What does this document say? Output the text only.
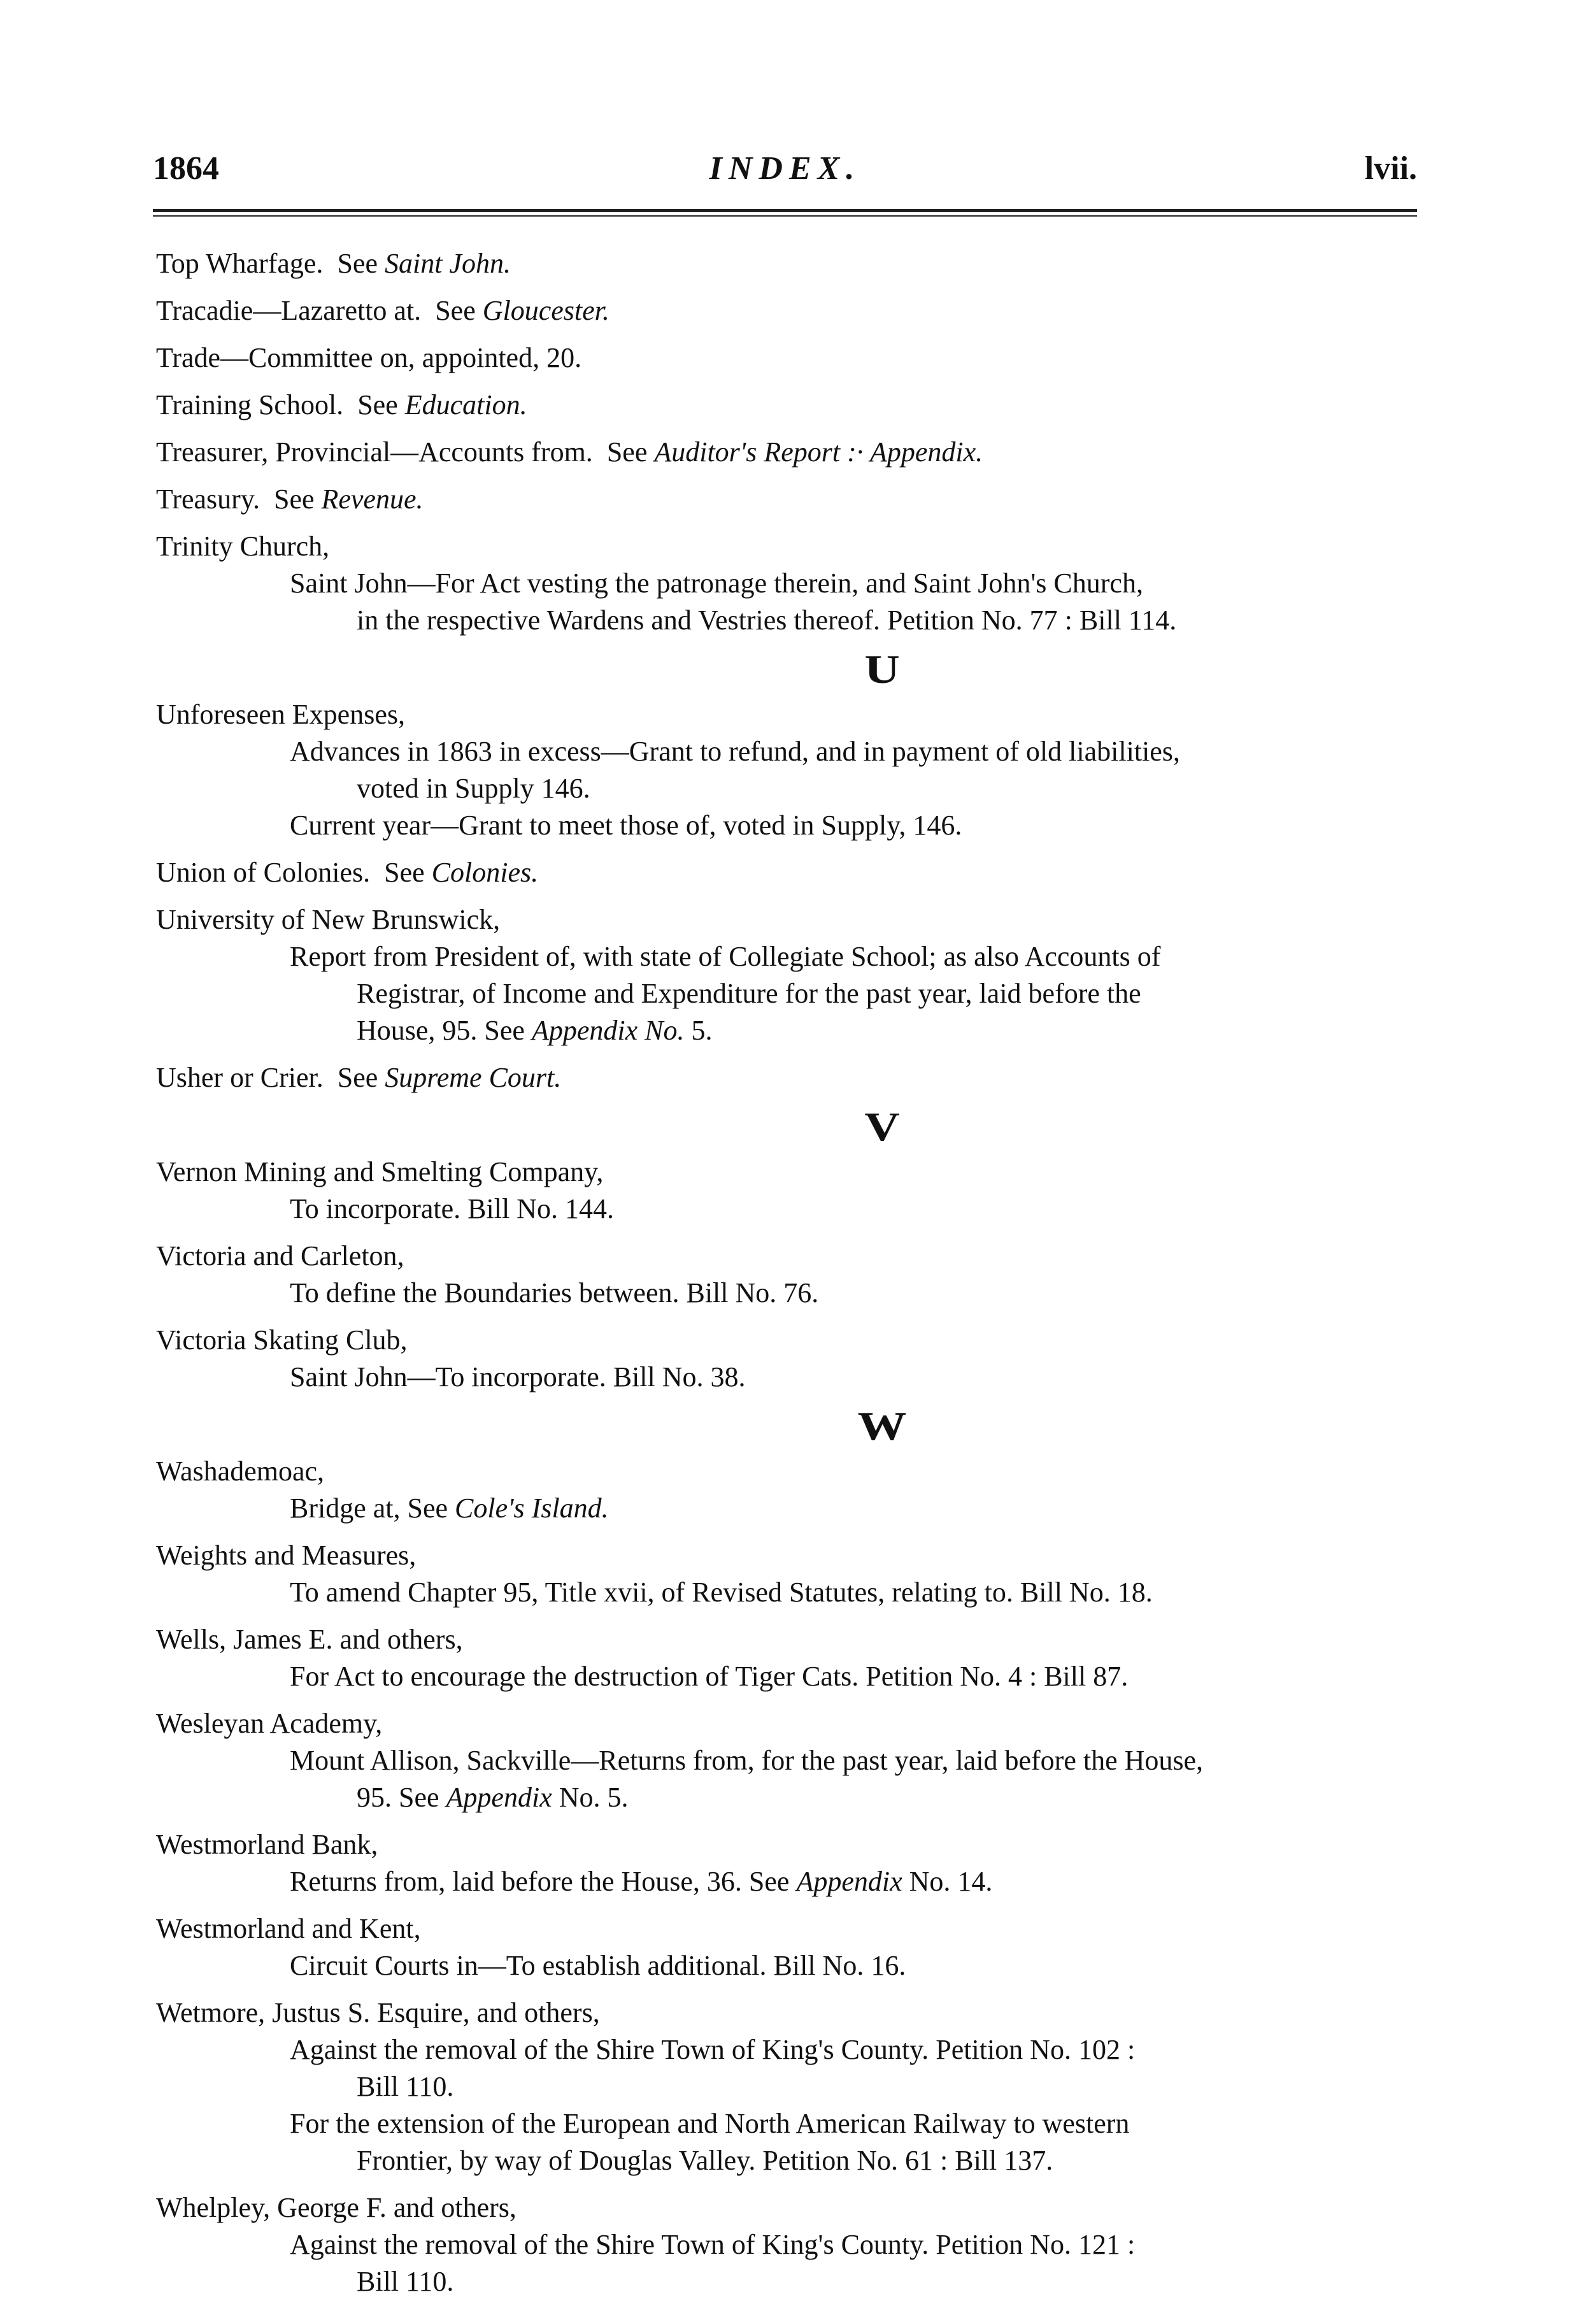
1864	INDEX.	lvii.
Top Wharfage. See Saint John.
Tracadie—Lazaretto at. See Gloucester.
Trade—Committee on, appointed, 20.
Training School. See Education.
Treasurer, Provincial—Accounts from. See Auditor's Report :· Appendix.
Treasury. See Revenue.
Trinity Church,
Saint John—For Act vesting the patronage therein, and Saint John's Church,
in the respective Wardens and Vestries thereof. Petition No. 77 : Bill 114.
U
Unforeseen Expenses,
Advances in 1863 in excess—Grant to refund, and in payment of old liabilities,
voted in Supply 146.
Current year—Grant to meet those of, voted in Supply, 146.
Union of Colonies. See Colonies.
University of New Brunswick,
Report from President of, with state of Collegiate School; as also Accounts of
Registrar, of Income and Expenditure for the past year, laid before the
House, 95. See Appendix No. 5.
Usher or Crier. See Supreme Court.
V
Vernon Mining and Smelting Company,
To incorporate. Bill No. 144.
Victoria and Carleton,
To define the Boundaries between. Bill No. 76.
Victoria Skating Club,
Saint John—To incorporate. Bill No. 38.
W
Washademoac,
Bridge at, See Cole's Island.
Weights and Measures,
To amend Chapter 95, Title xvii, of Revised Statutes, relating to. Bill No. 18.
Wells, James E. and others,
For Act to encourage the destruction of Tiger Cats. Petition No. 4 : Bill 87.
Wesleyan Academy,
Mount Allison, Sackville—Returns from, for the past year, laid before the House,
95. See Appendix No. 5.
Westmorland Bank,
Returns from, laid before the House, 36. See Appendix No. 14.
Westmorland and Kent,
Circuit Courts in—To establish additional. Bill No. 16.
Wetmore, Justus S. Esquire, and others,
Against the removal of the Shire Town of King's County. Petition No. 102 :
Bill 110.
For the extension of the European and North American Railway to western
Frontier, by way of Douglas Valley. Petition No. 61 : Bill 137.
Whelpley, George F. and others,
Against the removal of the Shire Town of King's County. Petition No. 121 :
Bill 110.
